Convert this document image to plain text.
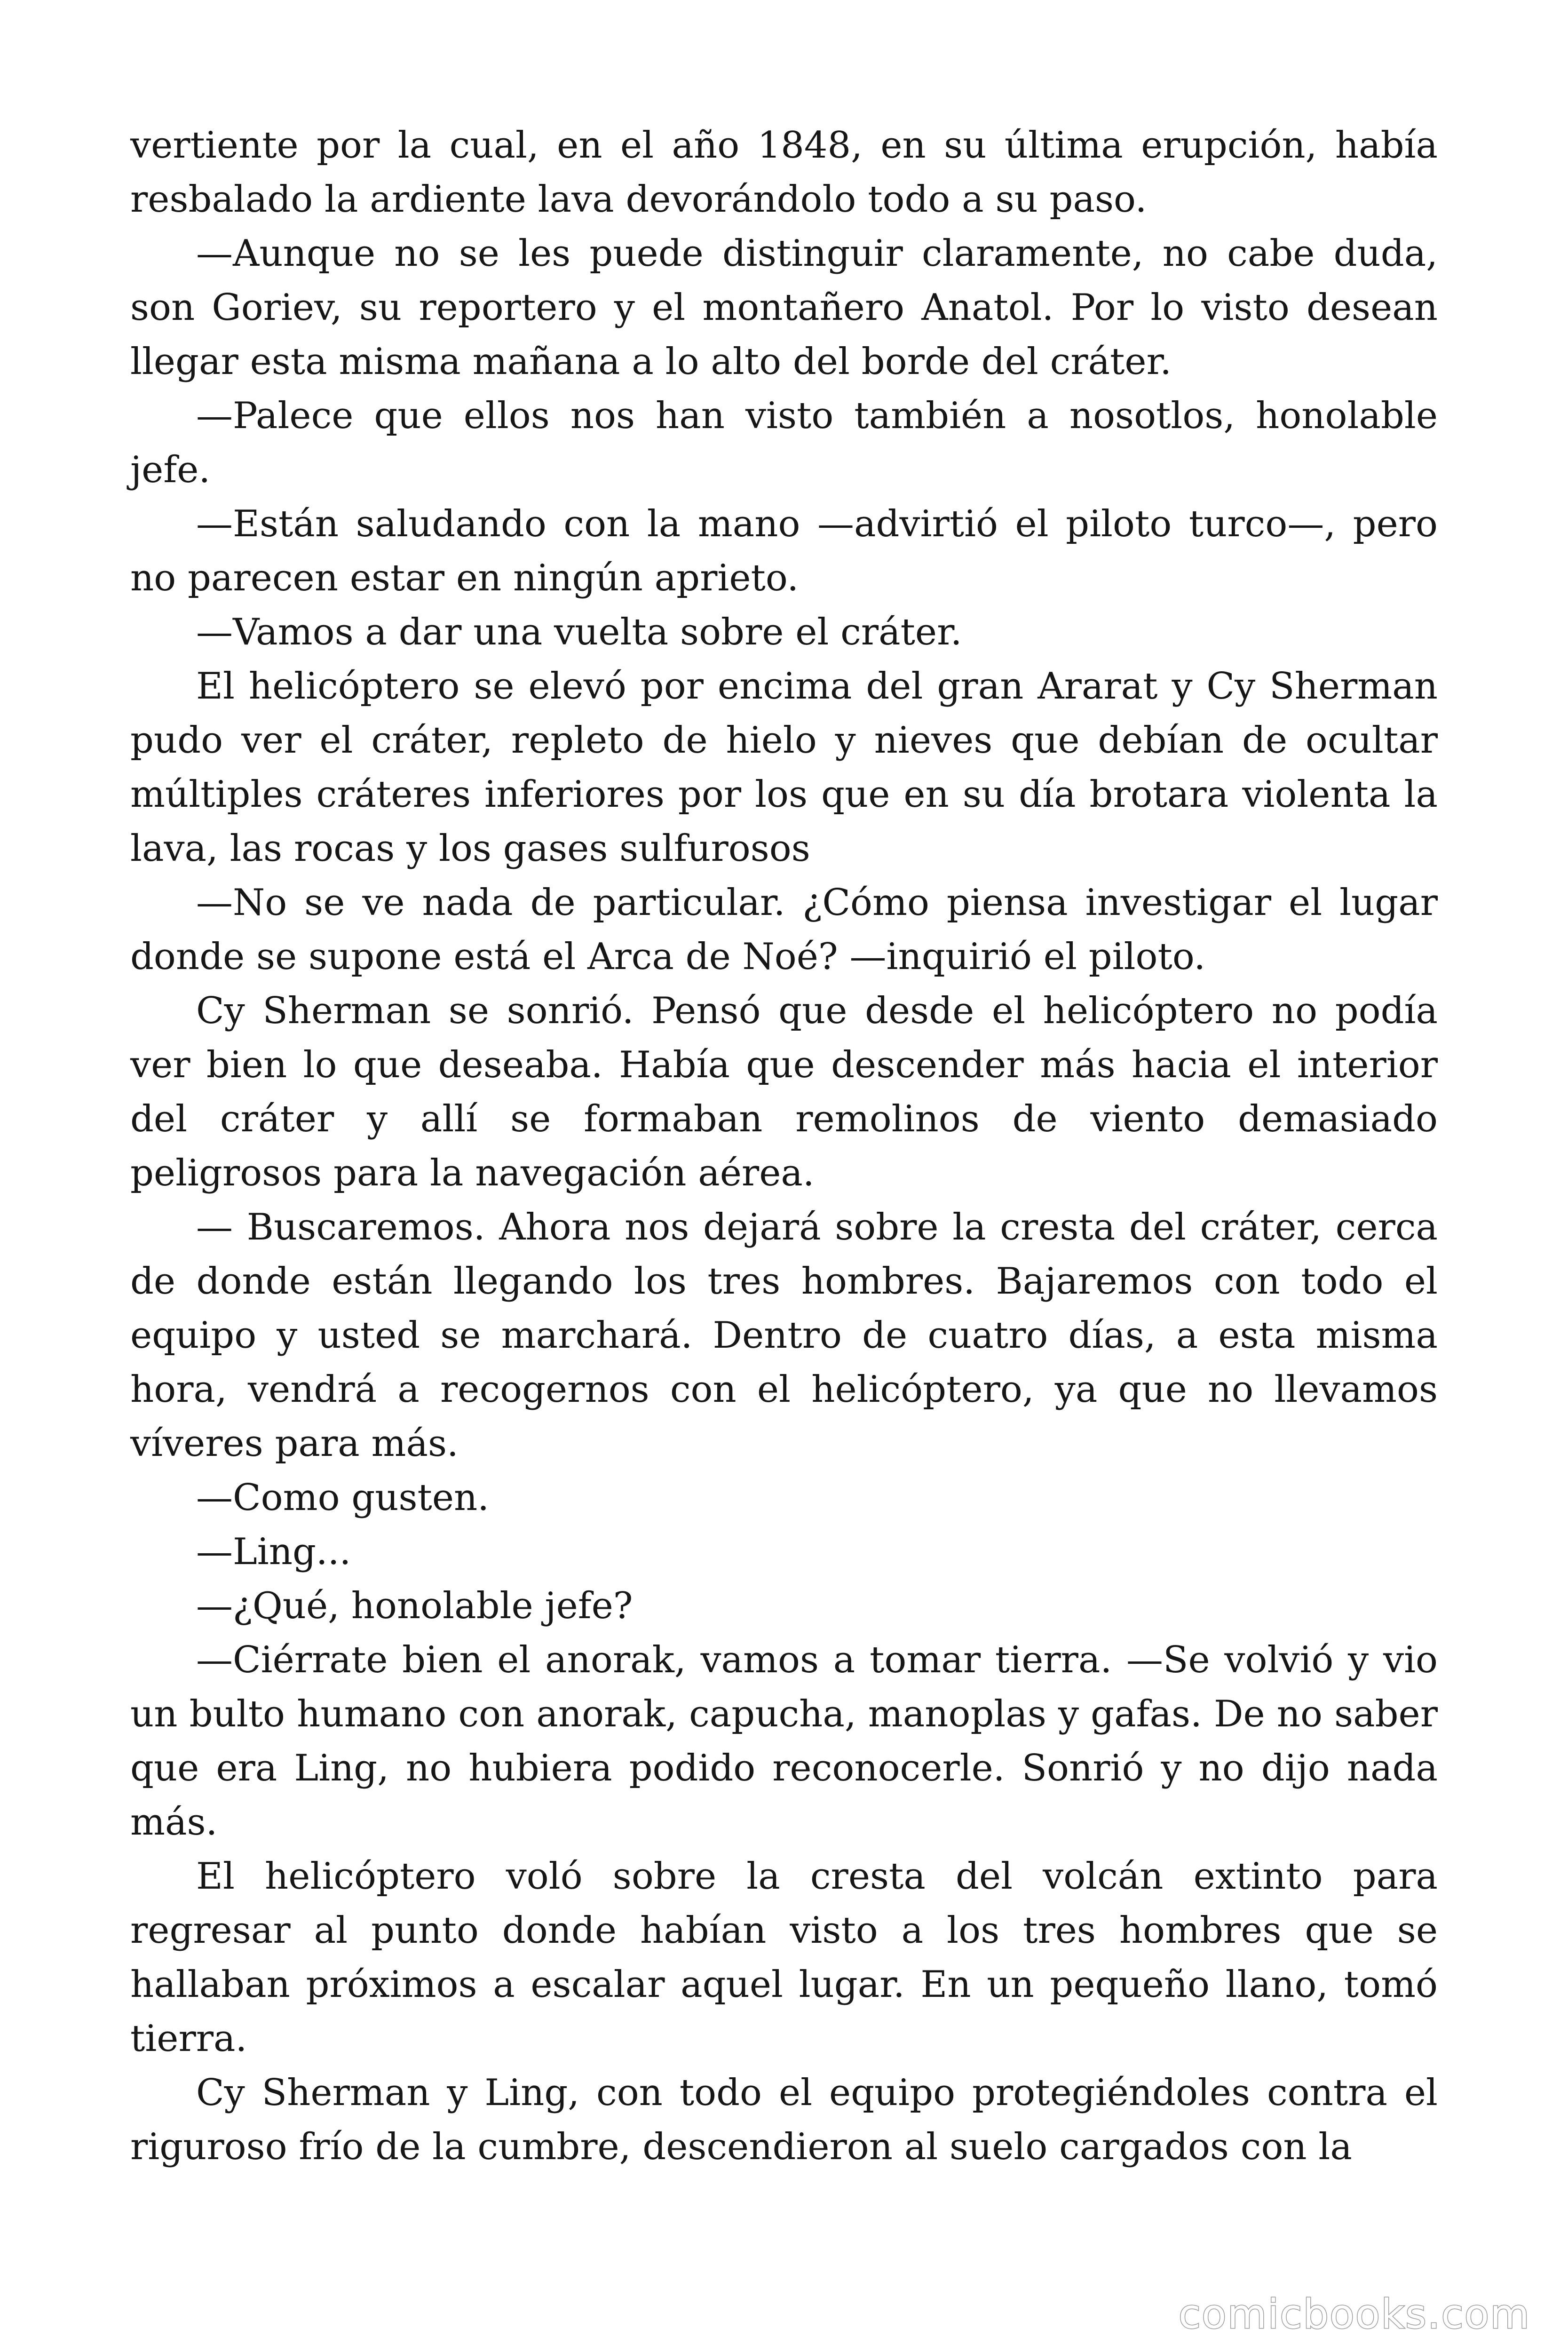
vertiente por la cual, en el año 1848, en su última erupción, había resbalado la ardiente lava devorándolo todo a su paso.

—Aunque no se les puede distinguir claramente, no cabe duda, son Goriev, su reportero y el montañero Anatol. Por lo visto desean llegar esta misma mañana a lo alto del borde del cráter.

—Palece que ellos nos han visto también a nosotlos, honolable jefe.

—Están saludando con la mano —advirtió el piloto turco—, pero no parecen estar en ningún aprieto.

—Vamos a dar una vuelta sobre el cráter.

El helicóptero se elevó por encima del gran Ararat y Cy Sherman pudo ver el cráter, repleto de hielo y nieves que debían de ocultar múltiples cráteres inferiores por los que en su día brotara violenta la lava, las rocas y los gases sulfurosos

—No se ve nada de particular. ¿Cómo piensa investigar el lugar donde se supone está el Arca de Noé? —inquirió el piloto.

Cy Sherman se sonrió. Pensó que desde el helicóptero no podía ver bien lo que deseaba. Había que descender más hacia el interior del cráter y allí se formaban remolinos de viento demasiado peligrosos para la navegación aérea.

— Buscaremos. Ahora nos dejará sobre la cresta del cráter, cerca de donde están llegando los tres hombres. Bajaremos con todo el equipo y usted se marchará. Dentro de cuatro días, a esta misma hora, vendrá a recogernos con el helicóptero, ya que no llevamos víveres para más.

—Como gusten.

—Ling...

—¿Qué, honolable jefe?

—Ciérrate bien el anorak, vamos a tomar tierra. —Se volvió y vio un bulto humano con anorak, capucha, manoplas y gafas. De no saber que era Ling, no hubiera podido reconocerle. Sonrió y no dijo nada más.

El helicóptero voló sobre la cresta del volcán extinto para regresar al punto donde habían visto a los tres hombres que se hallaban próximos a escalar aquel lugar. En un pequeño llano, tomó tierra.

Cy Sherman y Ling, con todo el equipo protegiéndoles contra el riguroso frío de la cumbre, descendieron al suelo cargados con la

comicbooks.com
